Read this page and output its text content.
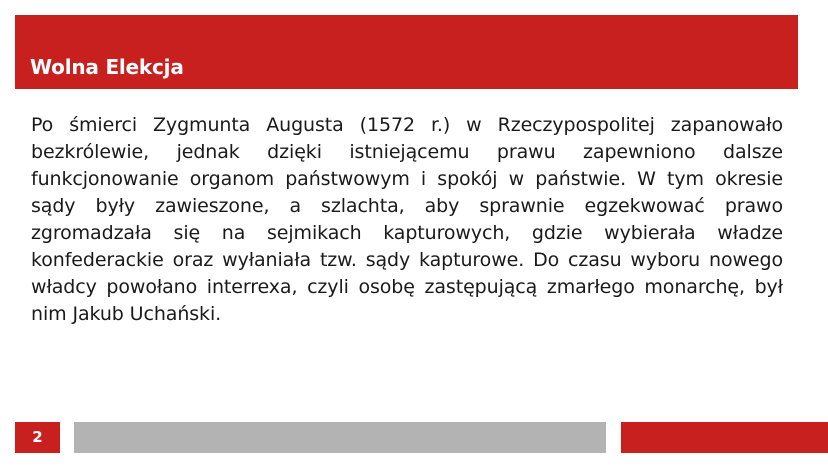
Wolna Elekcja
Po śmierci Zygmunta Augusta (1572 r.) w Rzeczypospolitej zapanowało bezkrólewie, jednak dzięki istniejącemu prawu zapewniono dalsze funkcjonowanie organom państwowym i spokój w państwie. W tym okresie sądy były zawieszone, a szlachta, aby sprawnie egzekwować prawo zgromadzała się na sejmikach kapturowych, gdzie wybierała władze konfederackie oraz wyłaniała tzw. sądy kapturowe. Do czasu wyboru nowego władcy powołano interrexa, czyli osobę zastępującą zmarłego monarchę, był nim Jakub Uchański.
2
